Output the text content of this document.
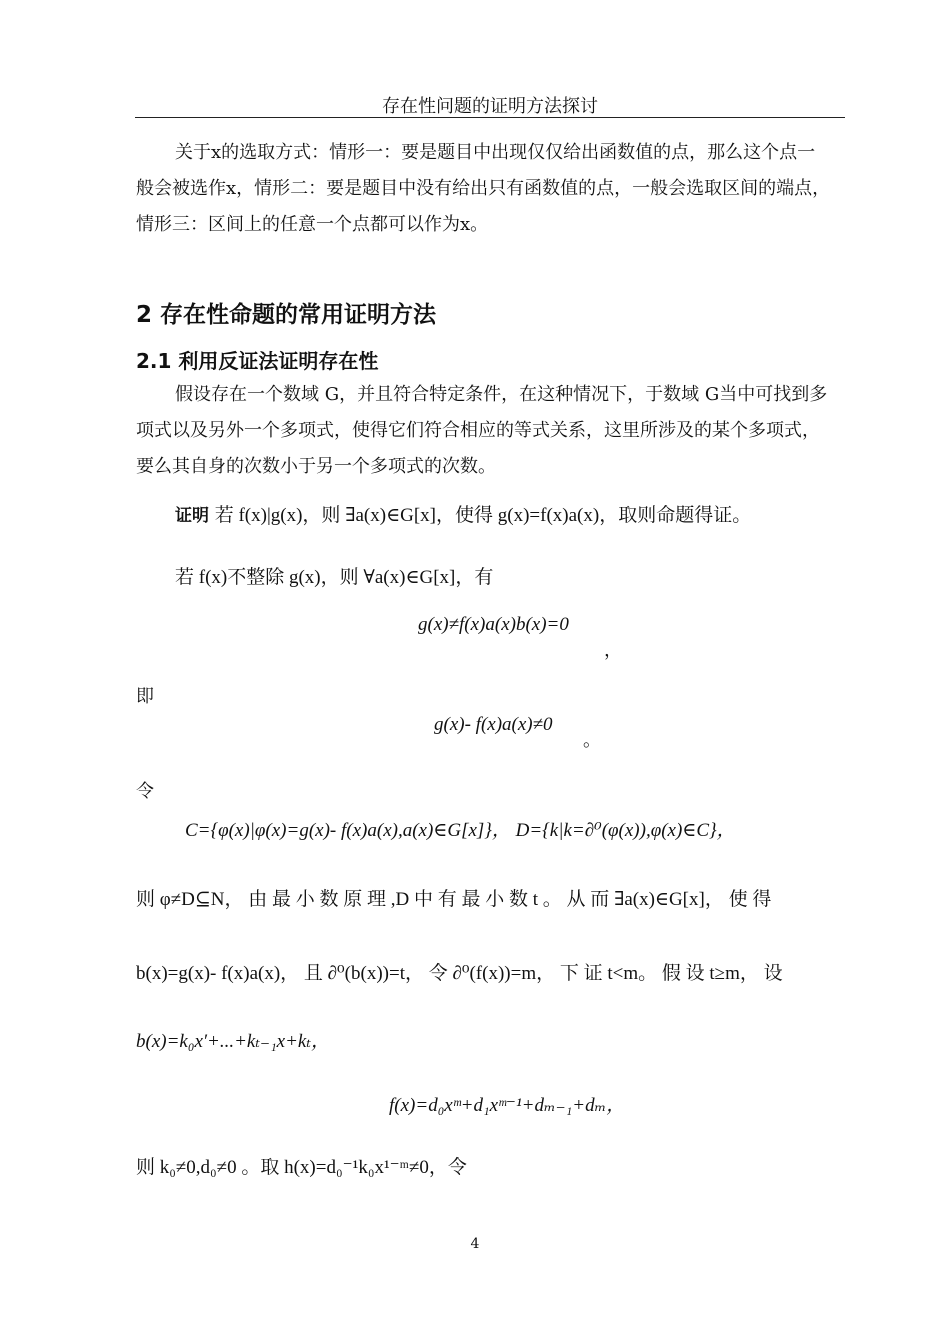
存在性问题的证明方法探讨
关于x的选取方式：情形一：要是题目中出现仅仅给出函数值的点，那么这个点一
般会被选作x，情形二：要是题目中没有给出只有函数值的点，一般会选取区间的端点，
情形三：区间上的任意一个点都可以作为x。
2 存在性命题的常用证明方法
2.1 利用反证法证明存在性
假设存在一个数域 G，并且符合特定条件，在这种情况下，于数域 G当中可找到多
项式以及另外一个多项式，使得它们符合相应的等式关系，这里所涉及的某个多项式，
要么其自身的次数小于另一个多项式的次数。
证明 若 f(x)|g(x)，则 ∃a(x)∈G[x]，使得 g(x)=f(x)a(x)，取则命题得证。
若 f(x)不整除 g(x)，则 ∀a(x)∈G[x]，有
g(x)≠f(x)a(x)b(x)=0
，
即
g(x)- f(x)a(x)≠0
。
令
C={φ(x)|φ(x)=g(x)- f(x)a(x),a(x)∈G[x]}， D={k|k=∂⁰(φ(x)),φ(x)∈C}，
则 φ≠D⊆N， 由 最 小 数 原 理 ,D 中 有 最 小 数 t 。 从 而 ∃a(x)∈G[x]， 使 得
b(x)=g(x)- f(x)a(x)， 且 ∂⁰(b(x))=t， 令 ∂⁰(f(x))=m， 下 证 t<m。 假 设 t≥m， 设
b(x)=k₀x′+...+kₜ₋₁x+kₜ，
f(x)=d₀xᵐ+d₁xᵐ⁻¹+dₘ₋₁+dₘ，
则 k₀≠0,d₀≠0 。取 h(x)=d₀⁻¹k₀x¹⁻ᵐ≠0，令
4
